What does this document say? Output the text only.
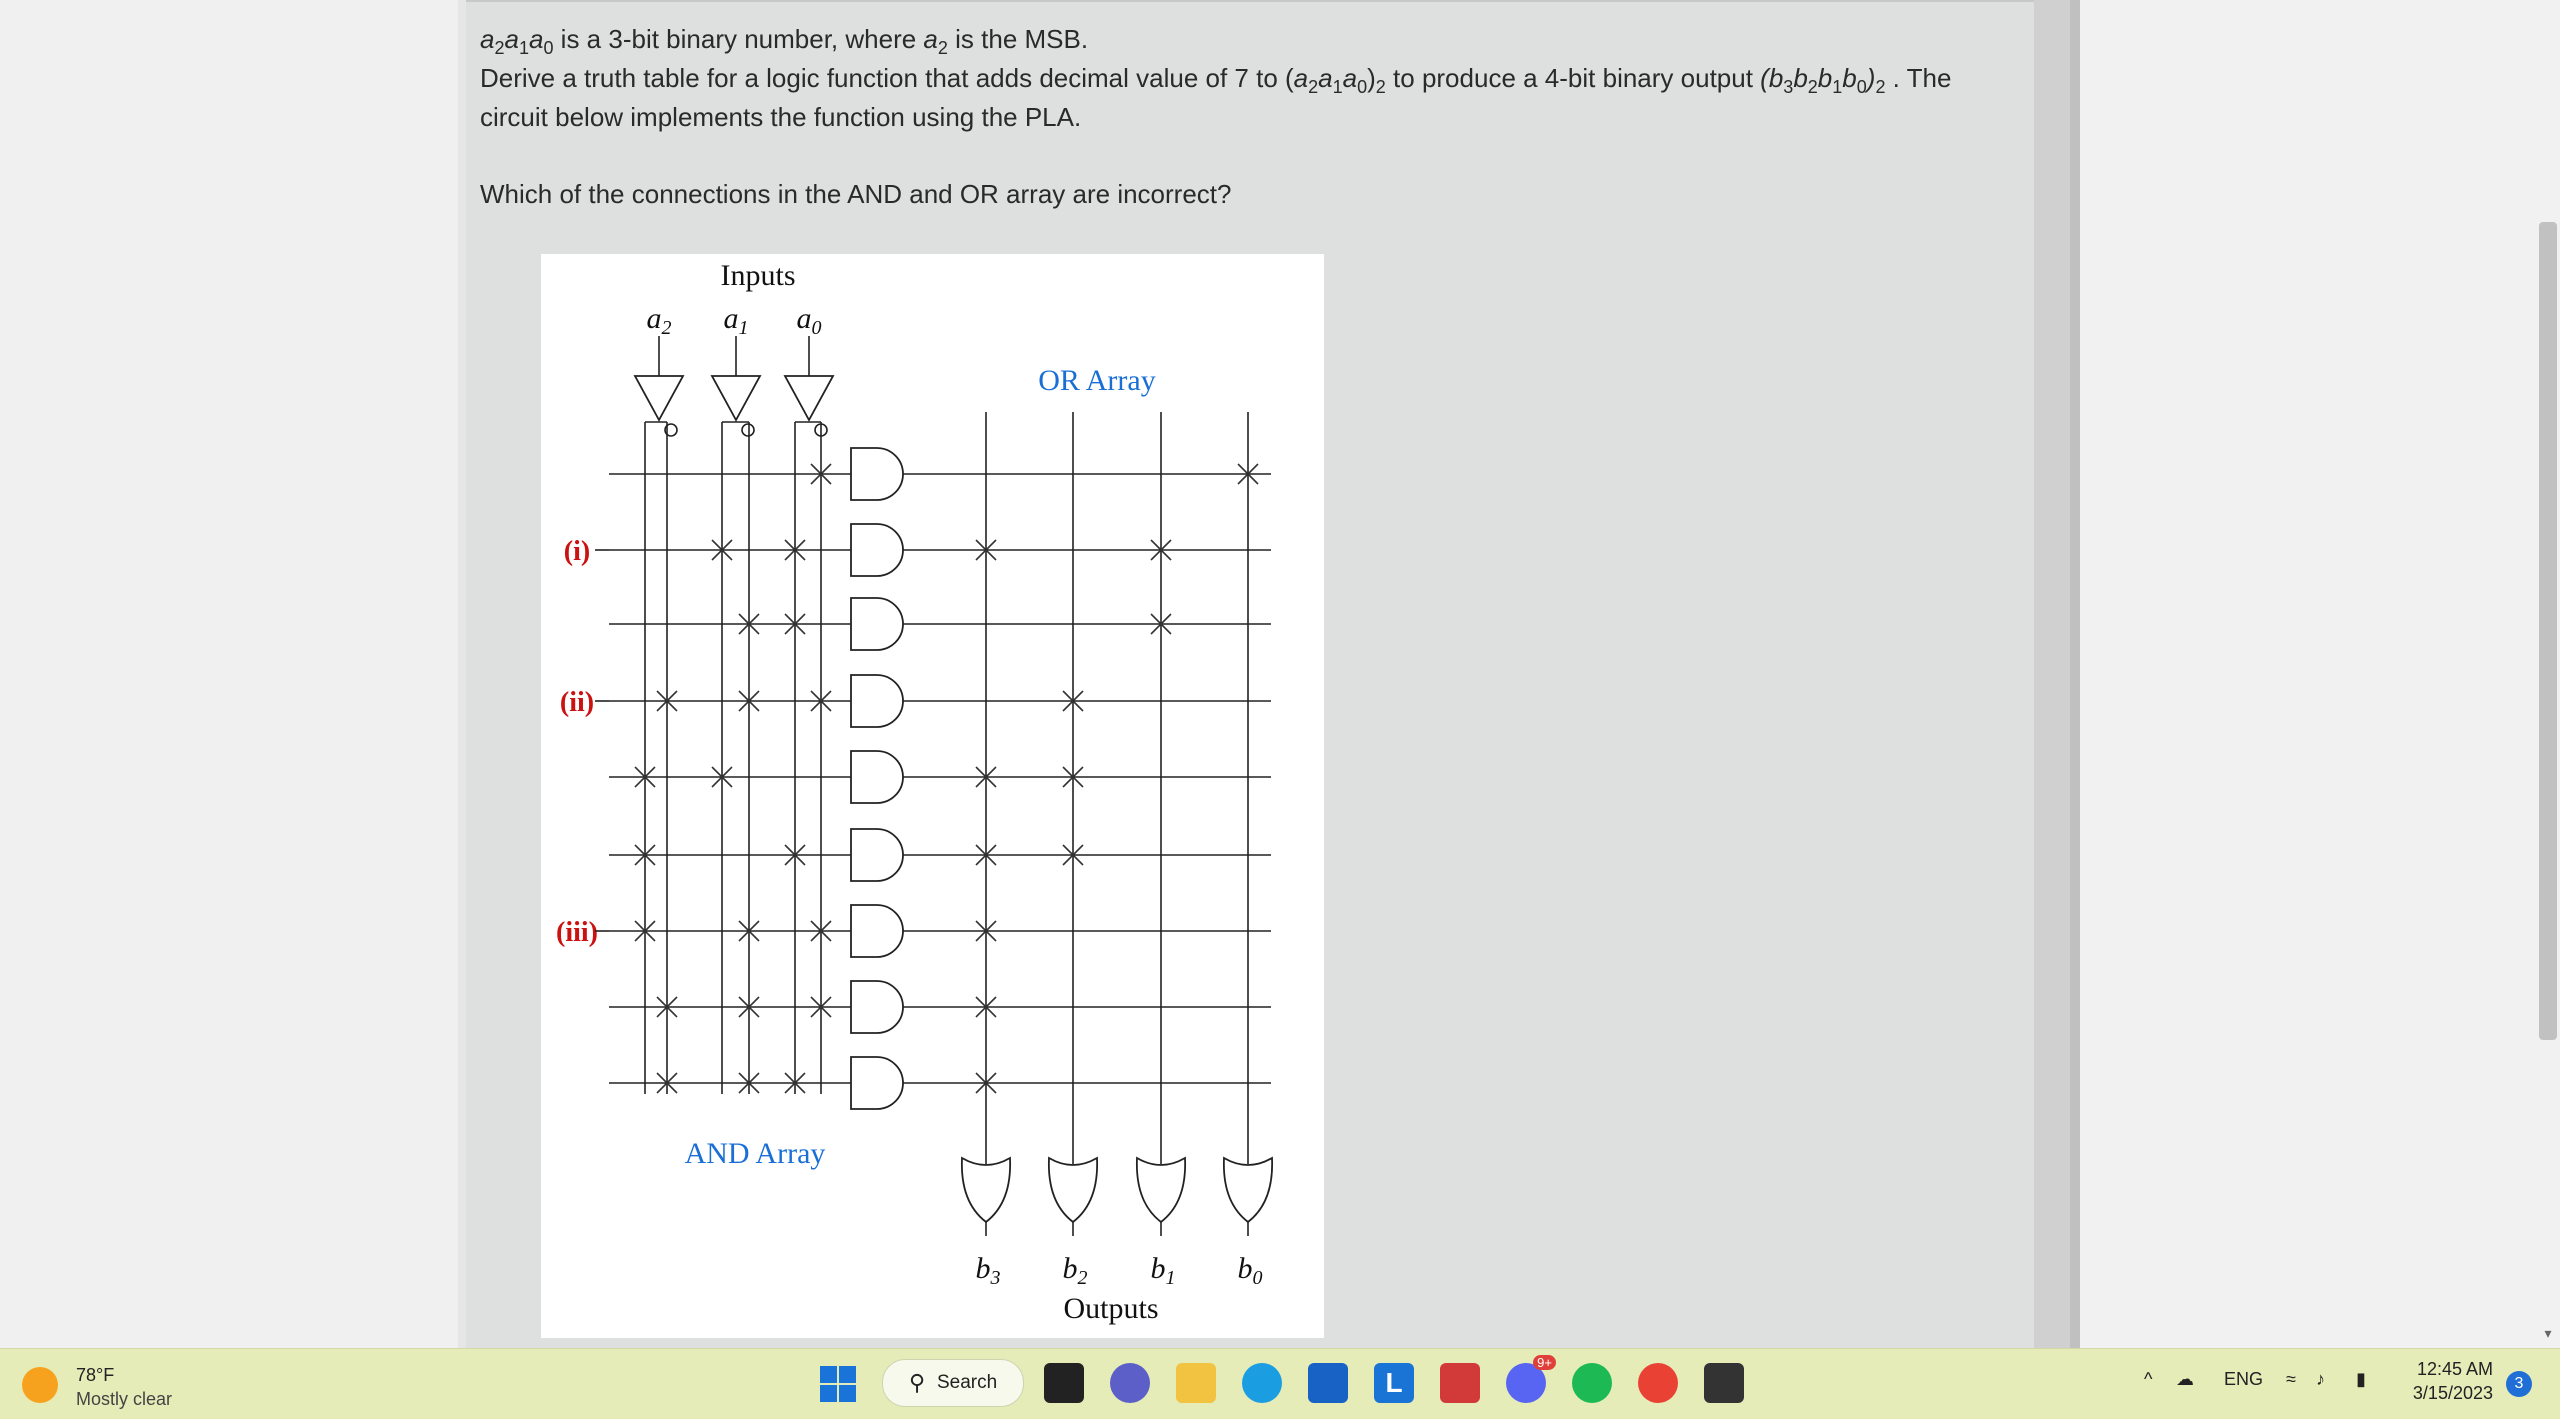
▾
$a_2a_1a_0$ is a 3-bit binary number, where $a_2$ is the MSB.
Derive a truth table for a logic function that adds decimal value of 7 to $(a_2a_1a_0)_2$ to produce a 4-bit binary output $(b_3b_2b_1b_0)_2$ . The
circuit below implements the function using the PLA.
Which of the connections in the AND and OR array are incorrect?
Inputs
$a_2$ $a_1$ $a_0$
(i)
(ii)
(iii)
OR Array
AND Array
$b_3$ $b_2$ $b_1$ $b_0$
Outputs
78°F
Mostly clear
⚲ Search	L
9+
^ ☁ ENG ≈ ♪ ▮	12:45 AM
3/15/2023	3
